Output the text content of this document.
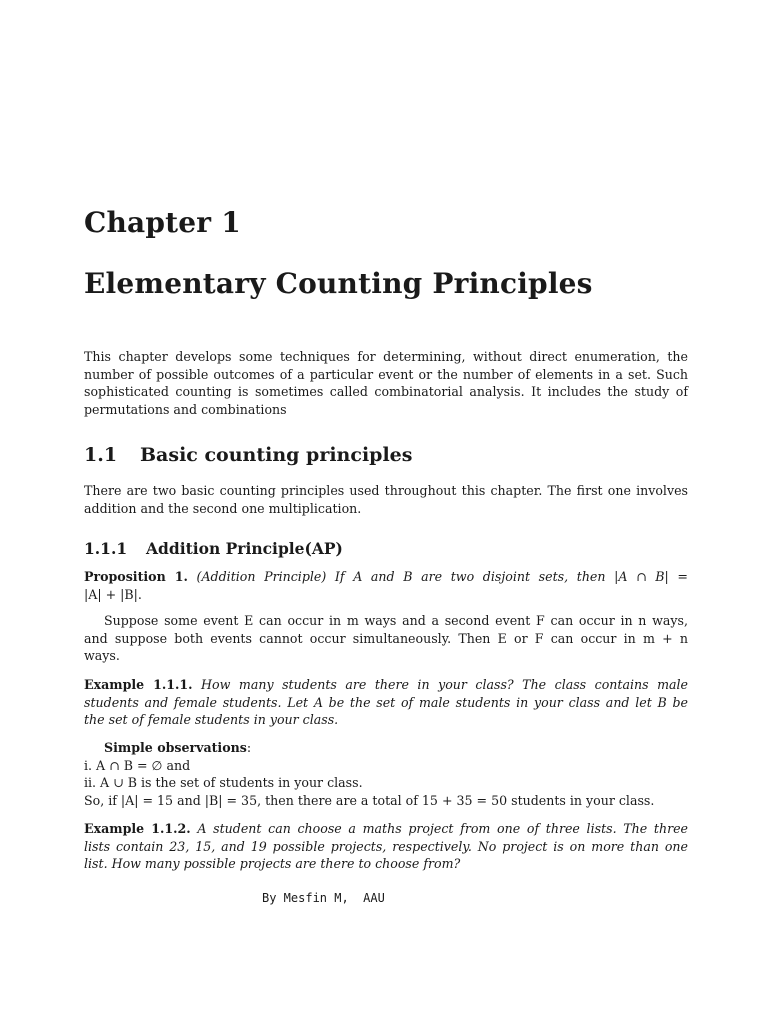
Chapter 1
Elementary Counting Principles

This chapter develops some techniques for determining, without direct enumeration, the
number of possible outcomes of a particular event or the number of elements in a set. Such
sophisticated counting is sometimes called combinatorial analysis. It includes the study of
permutations and combinations

1.1 Basic counting principles

There are two basic counting principles used throughout this chapter. The first one involves
addition and the second one multiplication.

1.1.1 Addition Principle(AP)

Proposition 1. (Addition Principle) If A and B are two disjoint sets, then |A ∩ B| =
|A| + |B|.

Suppose some event E can occur in m ways and a second event F can occur in n ways,
and suppose both events cannot occur simultaneously. Then E or F can occur in m + n
ways.

Example 1.1.1. How many students are there in your class? The class contains male
students and female students. Let A be the set of male students in your class and let B be
the set of female students in your class.

Simple observations:
i. A ∩ B = ∅ and
ii. A ∪ B is the set of students in your class.
So, if |A| = 15 and |B| = 35, then there are a total of 15 + 35 = 50 students in your class.

Example 1.1.2. A student can choose a maths project from one of three lists. The three
lists contain 23, 15, and 19 possible projects, respectively. No project is on more than one
list. How many possible projects are there to choose from?

By Mesfin M,  AAU
